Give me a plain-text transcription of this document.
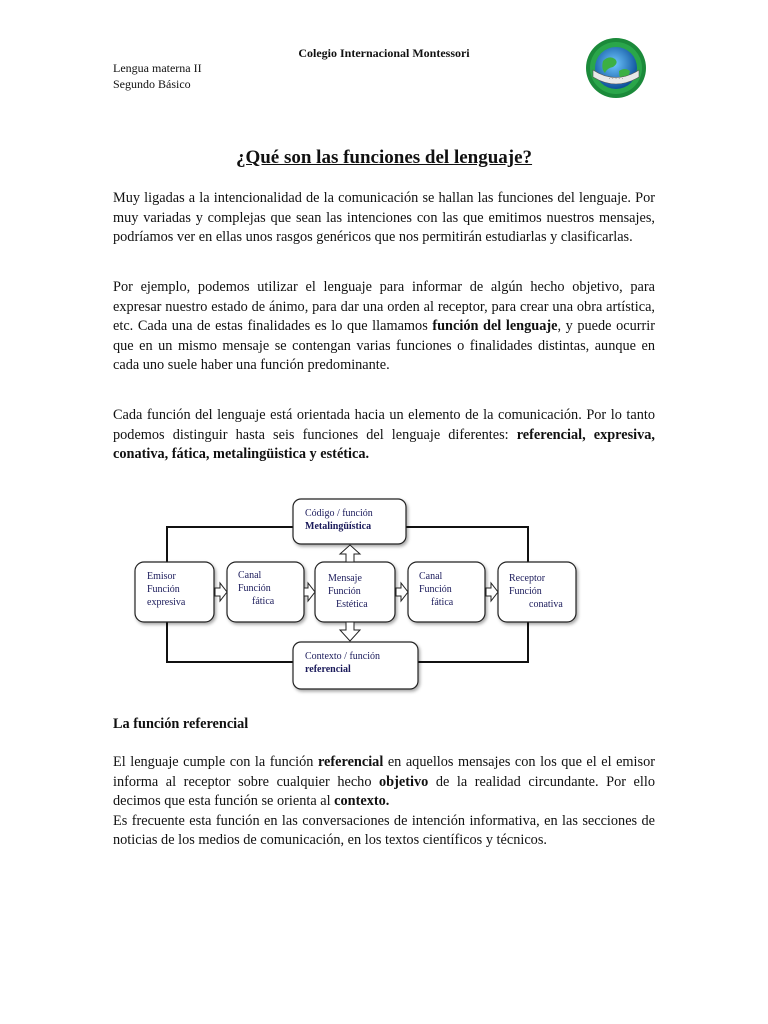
Colegio Internacional Montessori
Lengua materna II
Segundo Básico	· · · · ·
¿Qué son las funciones del lenguaje?
Muy ligadas a la intencionalidad de la comunicación se hallan las funciones del lenguaje. Por muy variadas y complejas que sean las intenciones con las que emitimos nuestros mensajes, podríamos ver en ellas unos rasgos genéricos que nos permitirán estudiarlas y clasificarlas.
Por ejemplo, podemos utilizar el lenguaje para informar de algún hecho objetivo, para expresar nuestro estado de ánimo, para dar una orden al receptor, para crear una obra artística, etc. Cada una de estas finalidades es lo que llamamos función del lenguaje, y puede ocurrir que en un mismo mensaje se contengan varias funciones o finalidades distintas, aunque en cada uno suele haber una función predominante.
Cada función del lenguaje está orientada hacia un elemento de la comunicación. Por lo tanto podemos distinguir hasta seis funciones del lenguaje diferentes: referencial, expresiva, conativa, fática, metalingüistica y estética.
Código / función
Metalingüística
Emisor
Función
expresiva
Canal
Función
fática
Mensaje
Función
Estética
Canal
Función
fática
Receptor
Función
conativa
Contexto / función
referencial
La función referencial
El lenguaje cumple con la función referencial en aquellos mensajes con los que el el emisor informa al receptor sobre cualquier hecho objetivo de la realidad circundante. Por ello decimos que esta función se orienta al contexto.
Es frecuente esta función en las conversaciones de intención informativa, en las secciones de noticias de los medios de comunicación, en los textos científicos y técnicos.
